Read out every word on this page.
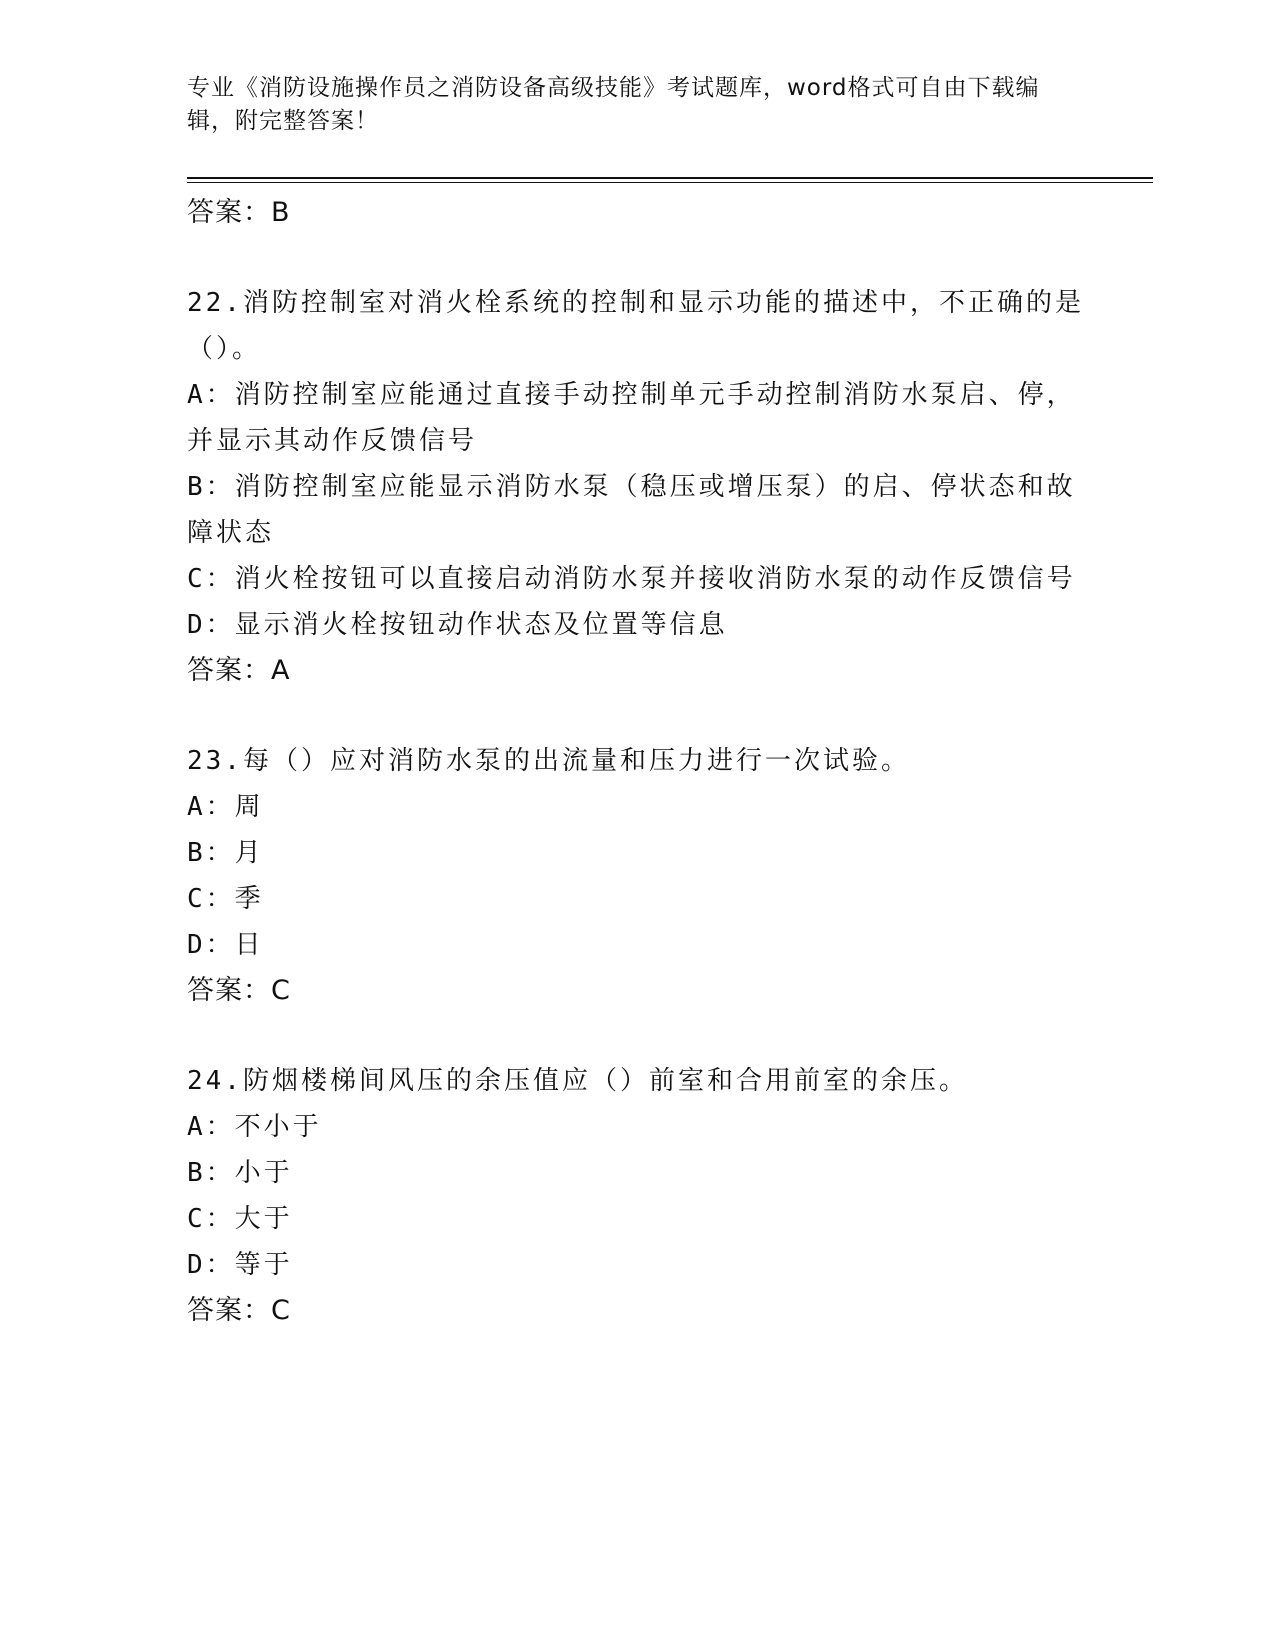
专业《消防设施操作员之消防设备高级技能》考试题库，word格式可自由下载编
辑，附完整答案！
答案：B
22.消防控制室对消火栓系统的控制和显示功能的描述中，不正确的是
（）。
A：消防控制室应能通过直接手动控制单元手动控制消防水泵启、停，
并显示其动作反馈信号
B：消防控制室应能显示消防水泵（稳压或增压泵）的启、停状态和故
障状态
C：消火栓按钮可以直接启动消防水泵并接收消防水泵的动作反馈信号
D：显示消火栓按钮动作状态及位置等信息
答案：A
23.每（）应对消防水泵的出流量和压力进行一次试验。
A：周
B：月
C：季
D：日
答案：C
24.防烟楼梯间风压的余压值应（）前室和合用前室的余压。
A：不小于
B：小于
C：大于
D：等于
答案：C
